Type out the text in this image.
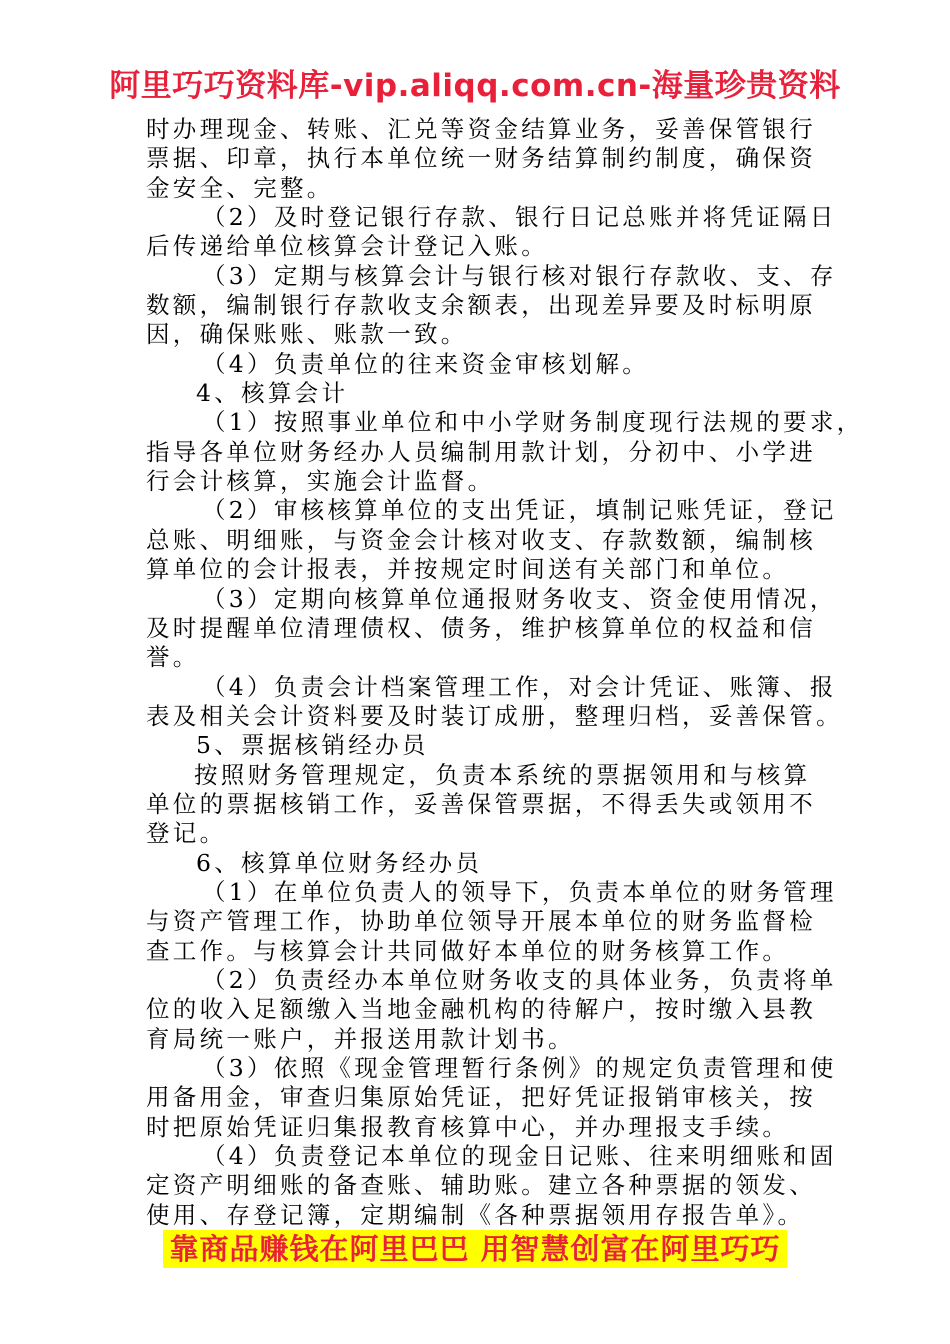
阿里巧巧资料库-vip.aliqq.com.cn-海量珍贵资料
时办理现金、转账、汇兑等资金结算业务，妥善保管银行
票据、印章，执行本单位统一财务结算制约制度，确保资
金安全、完整。
（2）及时登记银行存款、银行日记总账并将凭证隔日
后传递给单位核算会计登记入账。
（3）定期与核算会计与银行核对银行存款收、支、存
数额，编制银行存款收支余额表，出现差异要及时标明原
因，确保账账、账款一致。
（4）负责单位的往来资金审核划解。
4、核算会计
（1）按照事业单位和中小学财务制度现行法规的要求，
指导各单位财务经办人员编制用款计划，分初中、小学进
行会计核算，实施会计监督。
（2）审核核算单位的支出凭证，填制记账凭证，登记
总账、明细账，与资金会计核对收支、存款数额，编制核
算单位的会计报表，并按规定时间送有关部门和单位。
（3）定期向核算单位通报财务收支、资金使用情况，
及时提醒单位清理债权、债务，维护核算单位的权益和信
誉。
（4）负责会计档案管理工作，对会计凭证、账簿、报
表及相关会计资料要及时装订成册，整理归档，妥善保管。
5、票据核销经办员
按照财务管理规定，负责本系统的票据领用和与核算
单位的票据核销工作，妥善保管票据，不得丢失或领用不
登记。
6、核算单位财务经办员
（1）在单位负责人的领导下，负责本单位的财务管理
与资产管理工作，协助单位领导开展本单位的财务监督检
查工作。与核算会计共同做好本单位的财务核算工作。
（2）负责经办本单位财务收支的具体业务，负责将单
位的收入足额缴入当地金融机构的待解户，按时缴入县教
育局统一账户，并报送用款计划书。
（3）依照《现金管理暂行条例》的规定负责管理和使
用备用金，审查归集原始凭证，把好凭证报销审核关，按
时把原始凭证归集报教育核算中心，并办理报支手续。
（4）负责登记本单位的现金日记账、往来明细账和固
定资产明细账的备查账、辅助账。建立各种票据的领发、
使用、存登记簿，定期编制《各种票据领用存报告单》。
靠商品赚钱在阿里巴巴 用智慧创富在阿里巧巧
